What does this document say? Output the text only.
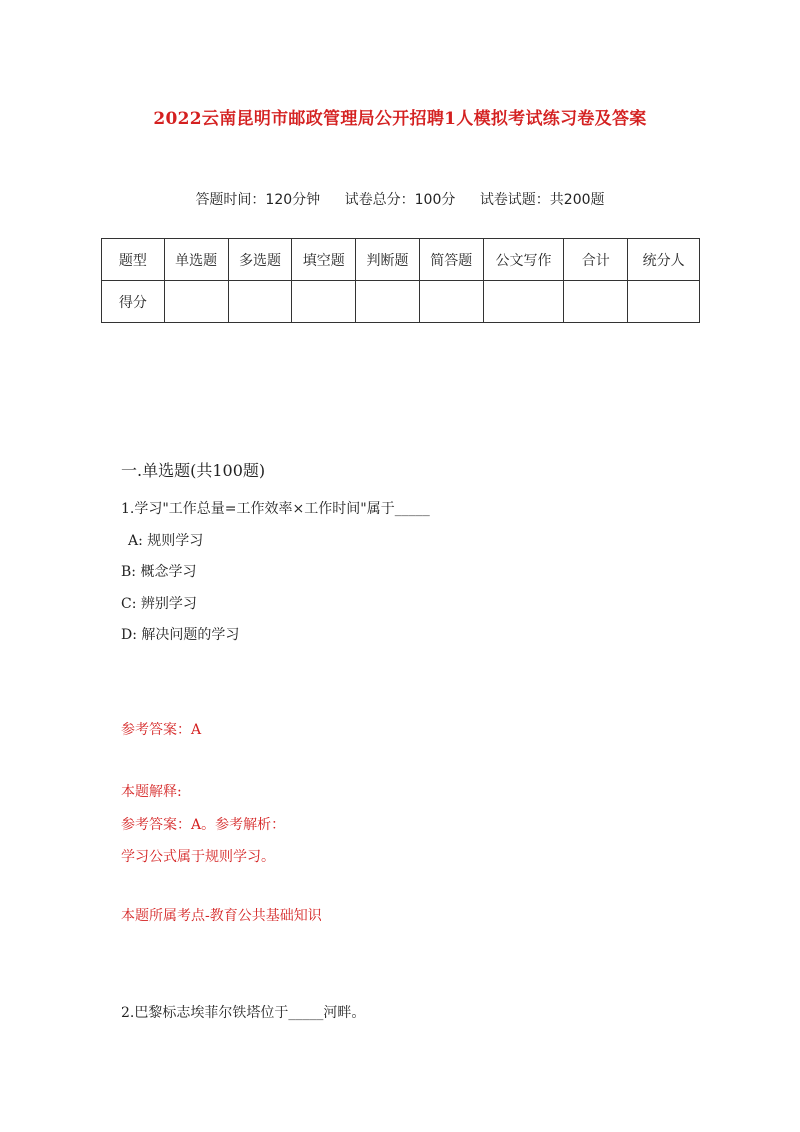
2022云南昆明市邮政管理局公开招聘1人模拟考试练习卷及答案
答题时间：120分钟 试卷总分：100分 试卷试题：共200题
题型	单选题	多选题	填空题	判断题	简答题	公文写作	合计	统分人
得分								
一.单选题(共100题)
1.学习"工作总量=工作效率×工作时间"属于_____
A: 规则学习
B: 概念学习
C: 辨别学习
D: 解决问题的学习
参考答案：A
本题解释:
参考答案：A。参考解析：
学习公式属于规则学习。
本题所属考点-教育公共基础知识
2.巴黎标志埃菲尔铁塔位于_____河畔。
